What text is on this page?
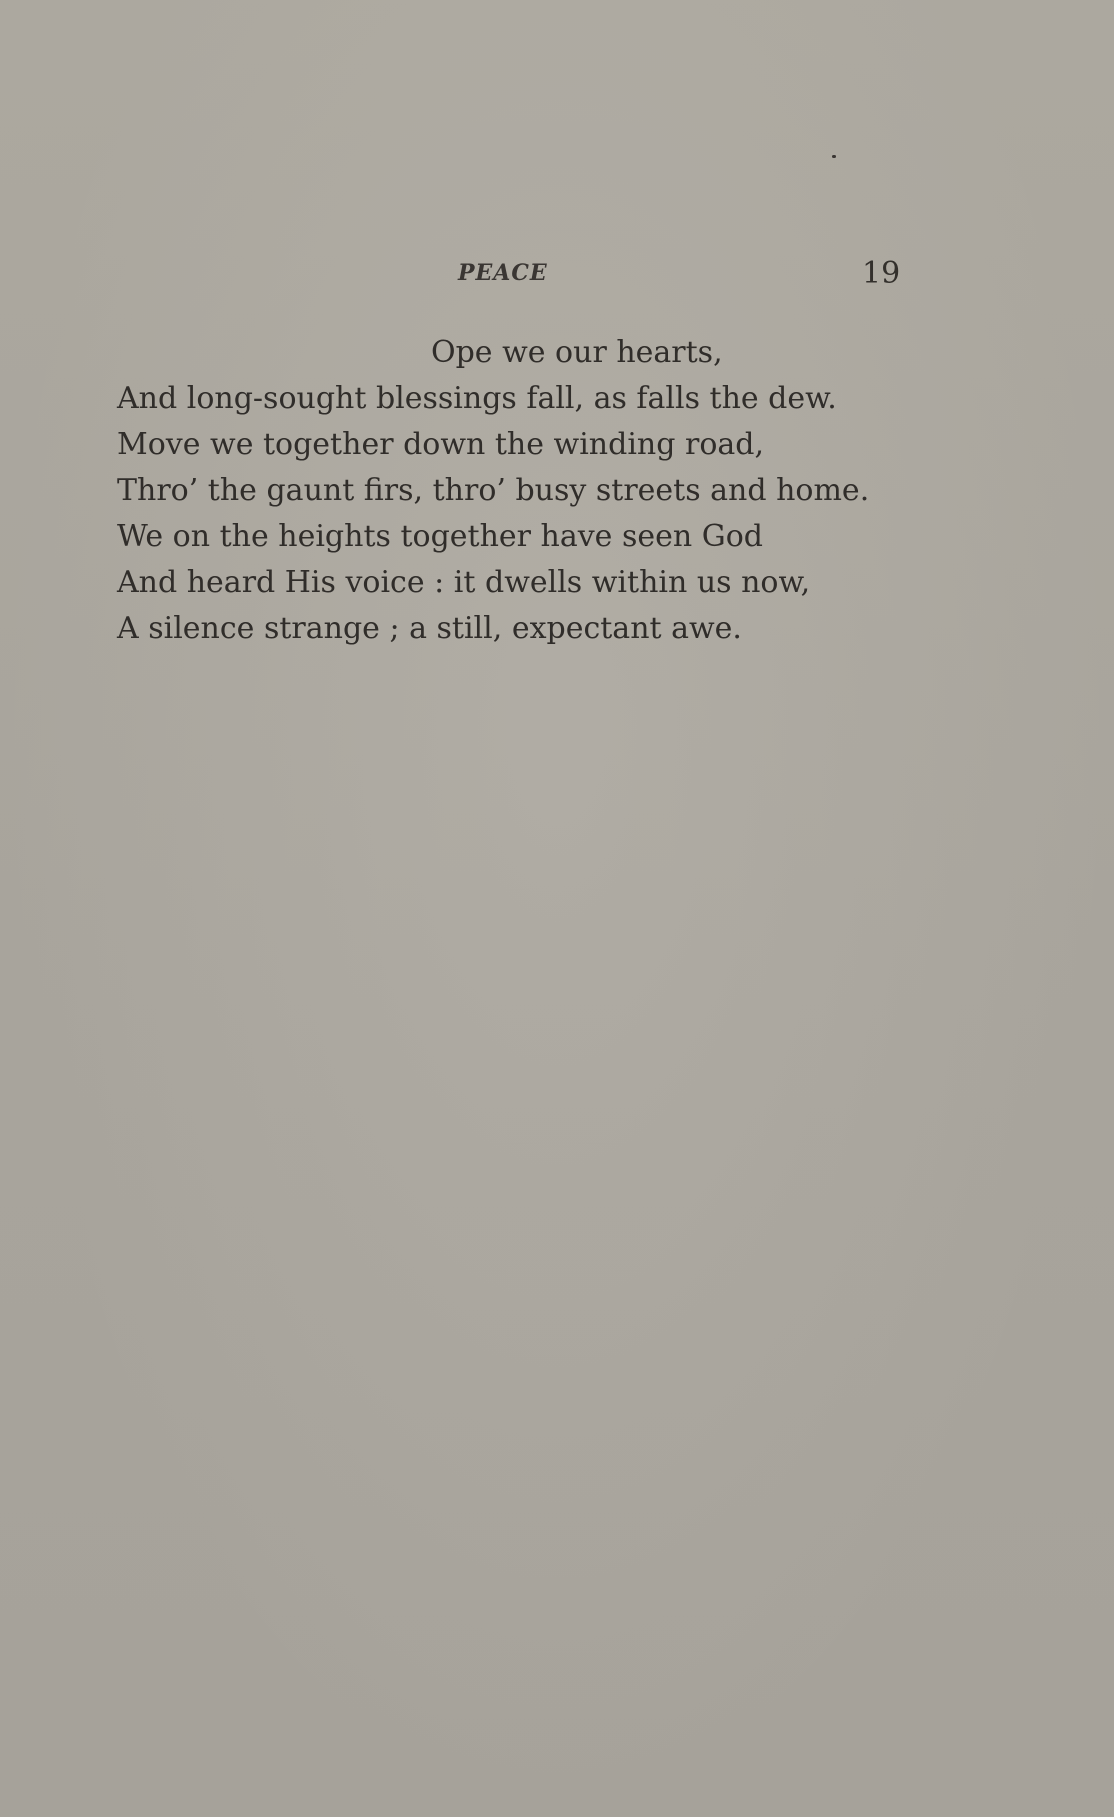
PEACE	19
Ope we our hearts,
And long-sought blessings fall, as falls the dew.
Move we together down the winding road,
Thro’ the gaunt firs, thro’ busy streets and home.
We on the heights together have seen God
And heard His voice : it dwells within us now,
A silence strange ; a still, expectant awe.
